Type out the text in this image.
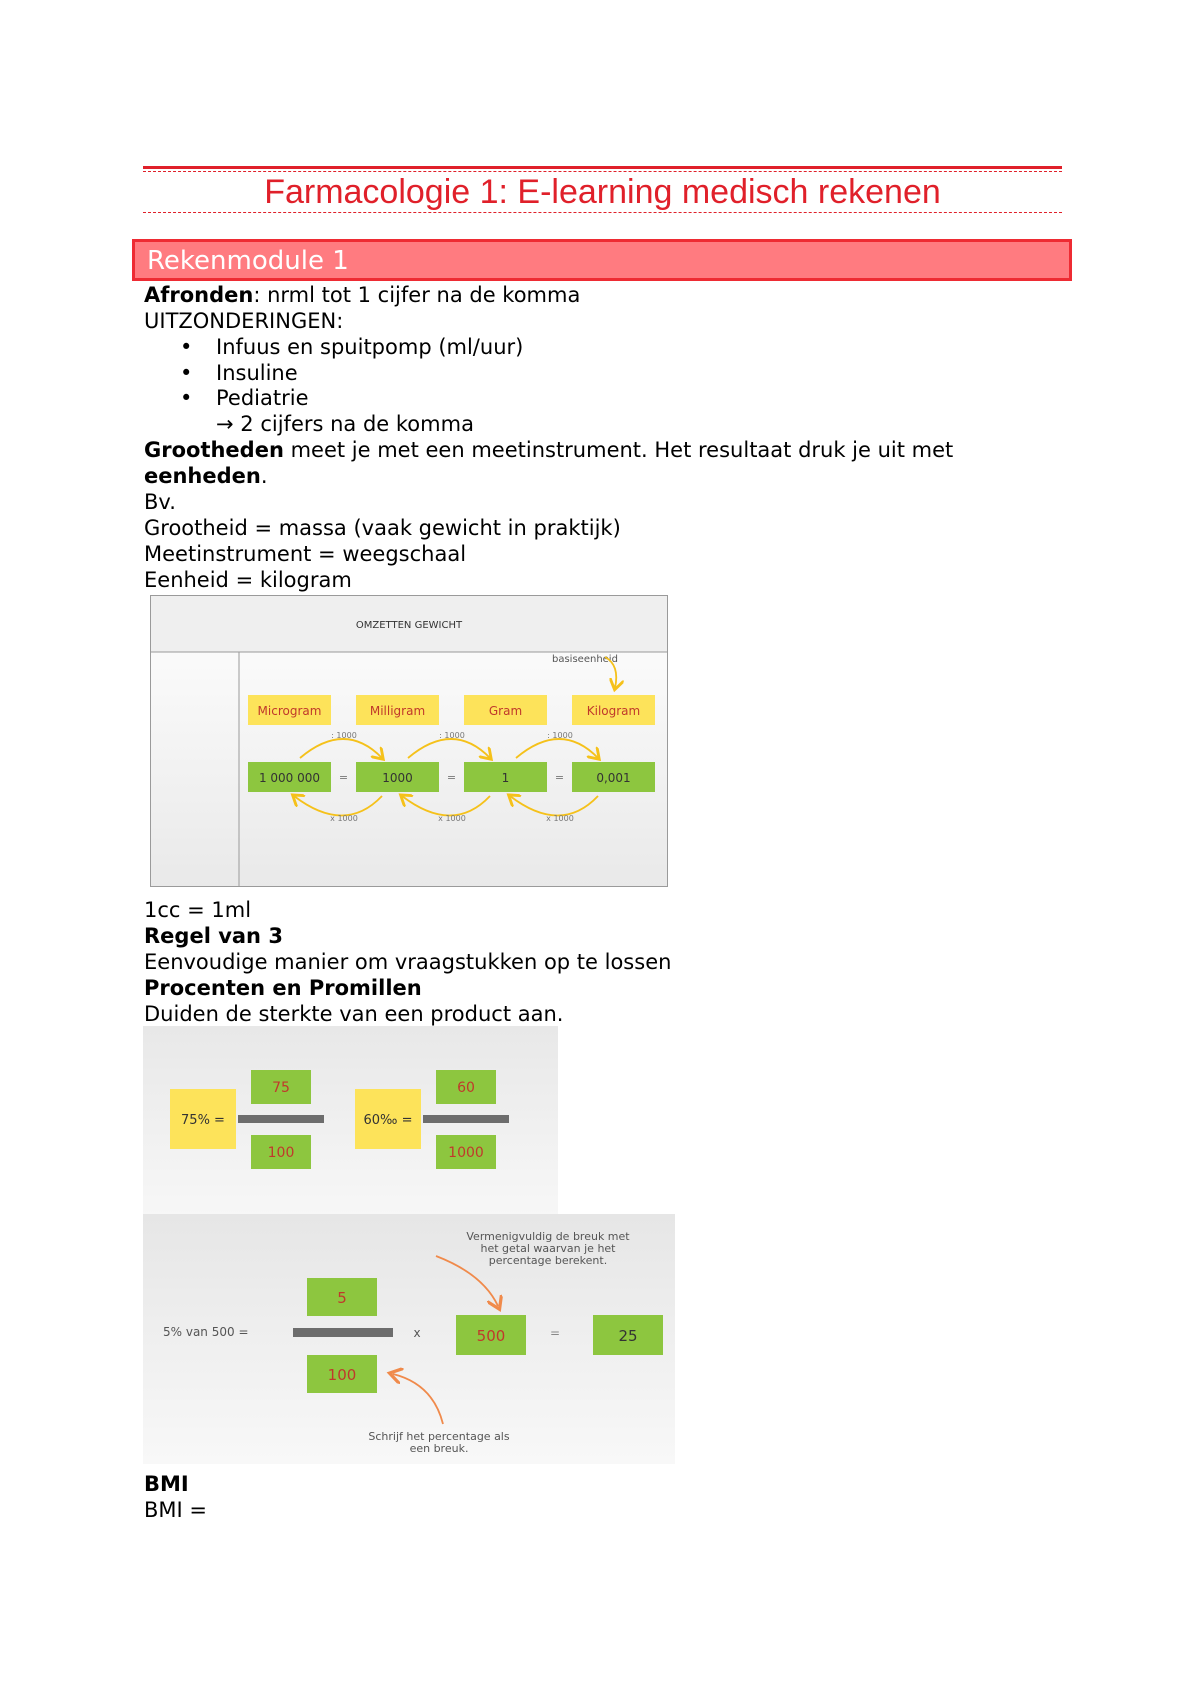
Farmacologie 1: E-learning medisch rekenen
Rekenmodule 1
Afronden: nrml tot 1 cijfer na de komma
UITZONDERINGEN:
• Infuus en spuitpomp (ml/uur)
• Insuline
• Pediatrie
→ 2 cijfers na de komma
Grootheden meet je met een meetinstrument. Het resultaat druk je uit met
eenheden.
Bv.
Grootheid = massa (vaak gewicht in praktijk)
Meetinstrument = weegschaal
Eenheid = kilogram
OMZETTEN GEWICHT
basiseenheid
Microgram	Milligram	Gram	Kilogram
1 000 000	1000	1	0,001
=	=	=
: 1000	: 1000	: 1000
x 1000	x 1000	x 1000
1cc = 1ml
Regel van 3
Eenvoudige manier om vraagstukken op te lossen
Procenten en Promillen
Duiden de sterkte van een product aan.
75% =
75
100
60‰ =
60
1000
5% van 500 =
5
100
x	500	=	25
Vermenigvuldig de breuk met
het getal waarvan je het
percentage berekent.
Schrijf het percentage als
een breuk.
BMI
BMI =
